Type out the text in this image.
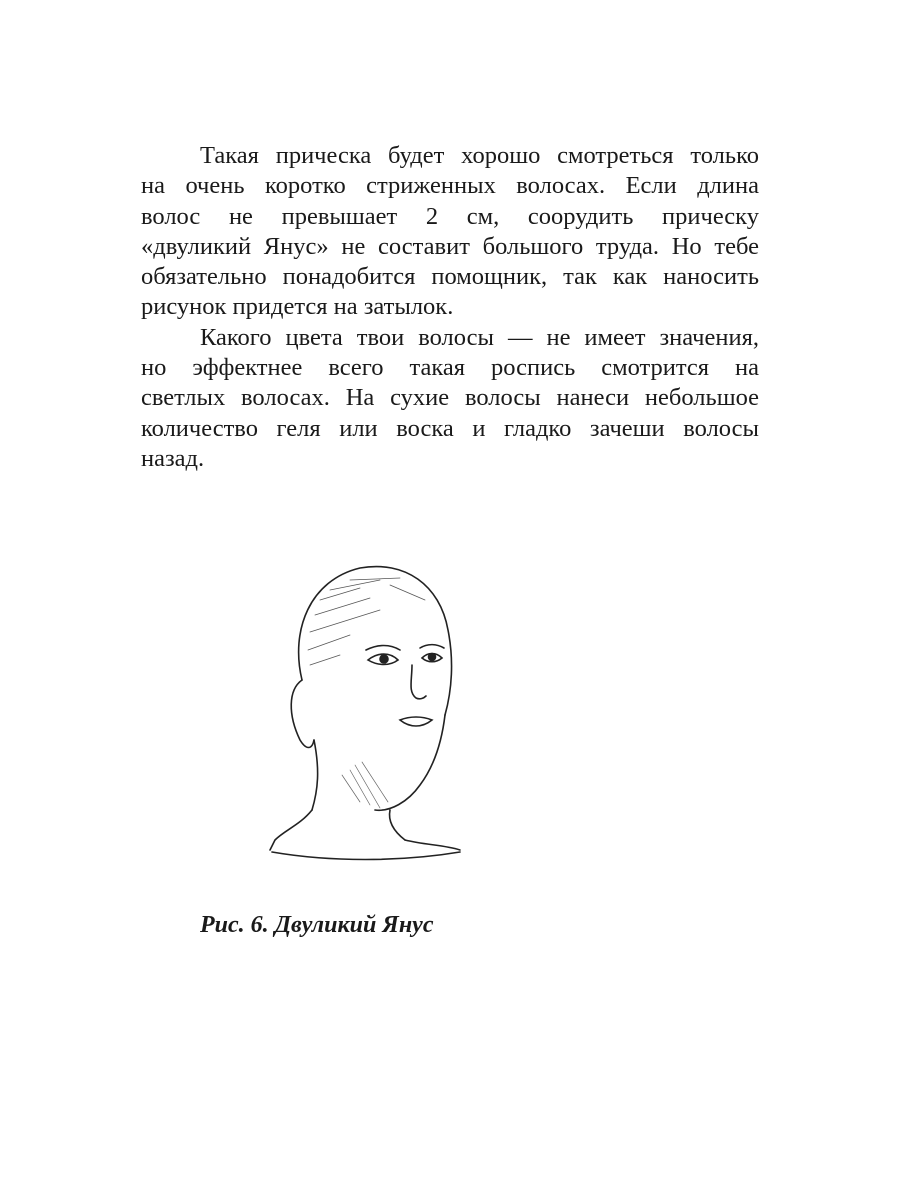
Такая прическа будет хорошо смотреться только
на очень коротко стриженных волосах. Если длина
волос не превышает 2 см, соорудить прическу
«двуликий Янус» не составит большого труда. Но тебе
обязательно понадобится помощник, так как наносить
рисунок придется на затылок.
Какого цвета твои волосы — не имеет значения,
но эффектнее всего такая роспись смотрится на
светлых волосах. На сухие волосы нанеси небольшое
количество геля или воска и гладко зачеши волосы
назад.
Рис. 6. Двуликий Янус
